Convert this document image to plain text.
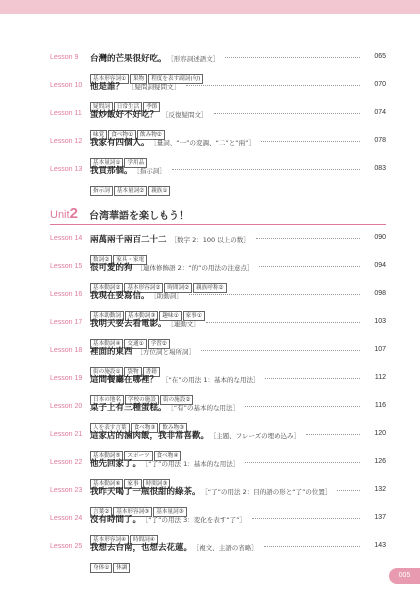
Lesson 9 台灣的芒果很好吃。 ［形容詞述語文］	065
基本形容詞① 果物 程度を表す副詞(句)
Lesson 10 他是誰？ ［疑問詞疑問文］	070
疑問詞 日常生活 季節
Lesson 11 蛋炒飯好不好吃？ ［反復疑問文］	074
味覚 食べ物① 飲み物②
Lesson 12 我家有四個人。 ［量詞、“一”の変調、“二”と“兩”］	078
基本量詞① 学用品
Lesson 13 我買那個。 ［指示詞］	083
指示詞 基本量詞② 親族①
Lesson 14 兩萬兩千兩百二十二 ［数字 2：100 以上の数］	090
数詞② 家具・家電
Lesson 15 很可愛的狗 ［連体修飾語 2：“的”の用法の注意点］	094
基本動詞② 基本形容詞② 時間詞② 親族呼称②
Lesson 16 我現在要寫信。 ［助動詞］	098
基本助動詞 基本動詞③ 趣味① 家事①
Lesson 17 我明天要去看電影。 ［連動文］	103
基本動詞④ 交通① 学習②
Lesson 18 裡面的東西 ［方位詞と場所詞］	107
街の施設① 袋物 書籍
Lesson 19 這間餐廳在哪裡？ ［“在”の用法 1：基本的な用法］	112
日本の地名 学校の施設 街の施設②
Lesson 20 桌子上有三種蛋糕。 ［“有”の基本的な用法］	116
人を表す言葉 食べ物③ 飲み物③
Lesson 21 這家店的滷肉飯，我非常喜歡。 ［主題、フレーズの埋め込み］	120
基本動詞⑤ スポーツ 食べ物④
Lesson 22 他先回家了。 ［“了”の用法 1：基本的な用法］	126
基本動詞⑥ 家事 時間詞③
Lesson 23 我昨天喝了一瓶很甜的綠茶。 ［“了”の用法 2：目的語の形と“了”の位置］	132
言葉② 基本形容詞③ 基本量詞③
Lesson 24 沒有時間了。 ［“了”の用法 3：変化を表す“了”］	137
基本形容詞④ 時間詞④
Lesson 25 我想去台南，也想去花蓮。 ［複文、主語の省略］	143
身体① 休調
Unit2 台湾華語を楽しもう！
005
